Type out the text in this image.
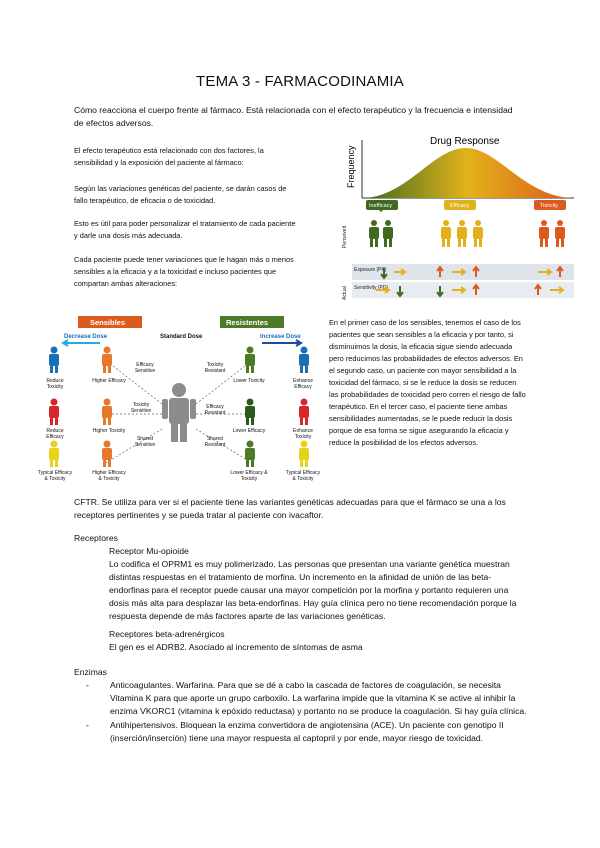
TEMA 3 - FARMACODINAMIA
Cómo reacciona el cuerpo frente al fármaco. Está relacionada con el efecto terapéutico y la frecuencia e intensidad de efectos adversos.
El efecto terapéutico está relacionado con dos factores, la sensibilidad y la exposición del paciente al fármaco:
Según las variaciones genéticas del paciente, se darán casos de fallo terapéutico, de eficacia o de toxicidad.
Esto es útil para poder personalizar el tratamiento de cada paciente y darle una dosis más adecuada.
Cada paciente puede tener variaciones que le hagan más o menos sensibles a la eficacia y a la toxicidad e incluso pacientes que compartan ambas alteraciones:
Frequency
Drug Response
Inefficacy	Efficacy	Toxicity
Perceived
Actual
Exposure (PK)
Sensitivity (PD)
Sensibles	Resistentes
Decrease Dose	Standard Dose	Increase Dose
Reduce Toxicity
Higher Efficacy
Reduce Efficacy
Higher Toxicity
Typical Efficacy & Toxicity
Higher Efficacy & Toxicity
Lower Toxicity	Enhance Efficacy
Lower Efficacy	Enhance Toxicity
Lower Efficacy & Toxicity
Typical Efficacy & Toxicity
Efficacy Sensitive
Toxicity Resistant
Toxicity Sensitive
Efficacy Resistant
Shared Sensitive
Shared Resistant
En el primer caso de los sensibles, tenemos el caso de los pacientes que sean sensibles a la eficacia y por tanto, si disminuimos la dosis, la eficacia sigue siendo adecuada pero reducimos las probabilidades de efectos adversos. En el segundo caso, un paciente con mayor sensibilidad a la toxicidad del fármaco, si se le reduce la dosis se reducen las probabilidades de toxicidad pero corren el riesgo de fallo terapéutico. En el tercer caso, el paciente tiene ambas sensibilidades aumentadas, se le puede reducir la dosis porque de esa forma se sigue asegurando la eficacia y reduce la posibilidad de los efectos adversos.
CFTR. Se utiliza para ver si el paciente tiene las variantes genéticas adecuadas para que el fármaco se una a los receptores pertinentes y se pueda tratar al paciente con ivacaftor.
Receptores
Receptor Mu-opioide
Lo codifica el OPRM1 es muy polimerizado. Las personas que presentan una variante genética muestran distintas respuestas en el tratamiento de morfina. Un incremento en la afinidad de unión de las beta-endorfinas para el receptor puede causar una mayor competición por la morfina y portanto requieren una dosis más alta para desplazar las beta-endorfinas. Hay guía clínica pero no tiene recomendación porque la respuesta depende de más factores aparte de las variaciones genéticas.
Receptores beta-adrenérgicos
El gen es el ADRB2. Asociado al incremento de síntomas de asma
Enzimas
- Anticoagulantes. Warfarina. Para que se dé a cabo la cascada de factores de coagulación, se necesita Vitamina K para que aporte un grupo carboxilo. La warfarina impide que la vitamina K se active al inhibir la enzima VKORC1 (vitamina k epóxido reductasa) y portanto no se produce la coagulación. Si hay guía clínica.
- Antihipertensivos. Bloquean la enzima convertidora de angiotensina (ACE). Un paciente con genotipo II (inserción/inserción) tiene una mayor respuesta al captopril y por ende, mayor riesgo de toxicidad.
